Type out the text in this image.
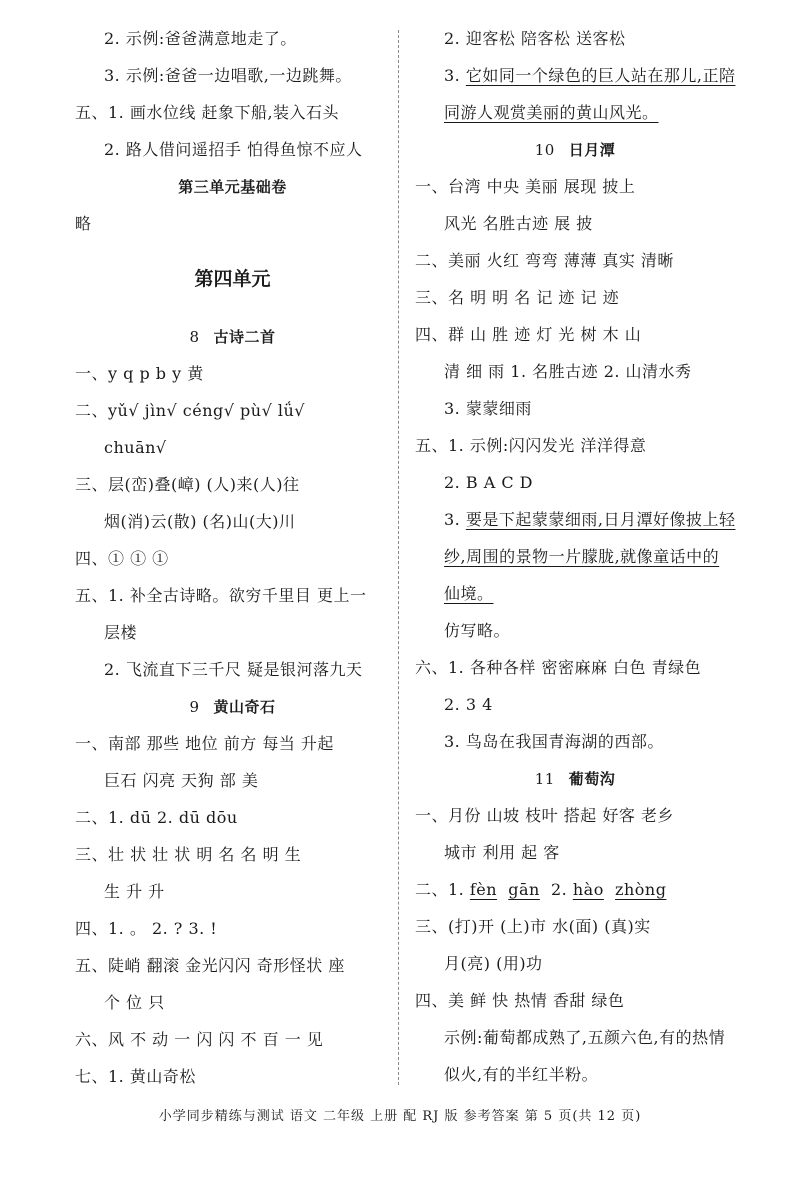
2. 示例:爸爸满意地走了。
3. 示例:爸爸一边唱歌,一边跳舞。
五、1. 画水位线 赶象下船,装入石头
2. 路人借问遥招手 怕得鱼惊不应人
第三单元基础卷
略
第四单元
8 古诗二首
一、y q p b y 黄
二、yǔ√ jìn√ céng√ pù√ lǘ√
chuān√
三、层(峦)叠(嶂) (人)来(人)往
烟(消)云(散) (名)山(大)川
四、① ① ①
五、1. 补全古诗略。欲穷千里目 更上一
层楼
2. 飞流直下三千尺 疑是银河落九天
9 黄山奇石
一、南部 那些 地位 前方 每当 升起
巨石 闪亮 天狗 部 美
二、1. dū 2. dū dōu
三、壮 状 壮 状 明 名 名 明 生
生 升 升
四、1. 。 2. ? 3. !
五、陡峭 翻滚 金光闪闪 奇形怪状 座
个 位 只
六、风 不 动 一 闪 闪 不 百 一 见
七、1. 黄山奇松
2. 迎客松 陪客松 送客松
3. 它如同一个绿色的巨人站在那儿,正陪
同游人观赏美丽的黄山风光。
10 日月潭
一、台湾 中央 美丽 展现 披上
风光 名胜古迹 展 披
二、美丽 火红 弯弯 薄薄 真实 清晰
三、名 明 明 名 记 迹 记 迹
四、群 山 胜 迹 灯 光 树 木 山
清 细 雨 1. 名胜古迹 2. 山清水秀
3. 蒙蒙细雨
五、1. 示例:闪闪发光 洋洋得意
2. B A C D
3. 要是下起蒙蒙细雨,日月潭好像披上轻
纱,周围的景物一片朦胧,就像童话中的
仙境。
仿写略。
六、1. 各种各样 密密麻麻 白色 青绿色
2. 3 4
3. 鸟岛在我国青海湖的西部。
11 葡萄沟
一、月份 山坡 枝叶 搭起 好客 老乡
城市 利用 起 客
二、1. fèn gān  2. hào zhòng
三、(打)开 (上)市 水(面) (真)实
月(亮) (用)功
四、美 鲜 快 热情 香甜 绿色
示例:葡萄都成熟了,五颜六色,有的热情
似火,有的半红半粉。
小学同步精练与测试 语文 二年级 上册 配 RJ 版 参考答案 第 5 页(共 12 页)
